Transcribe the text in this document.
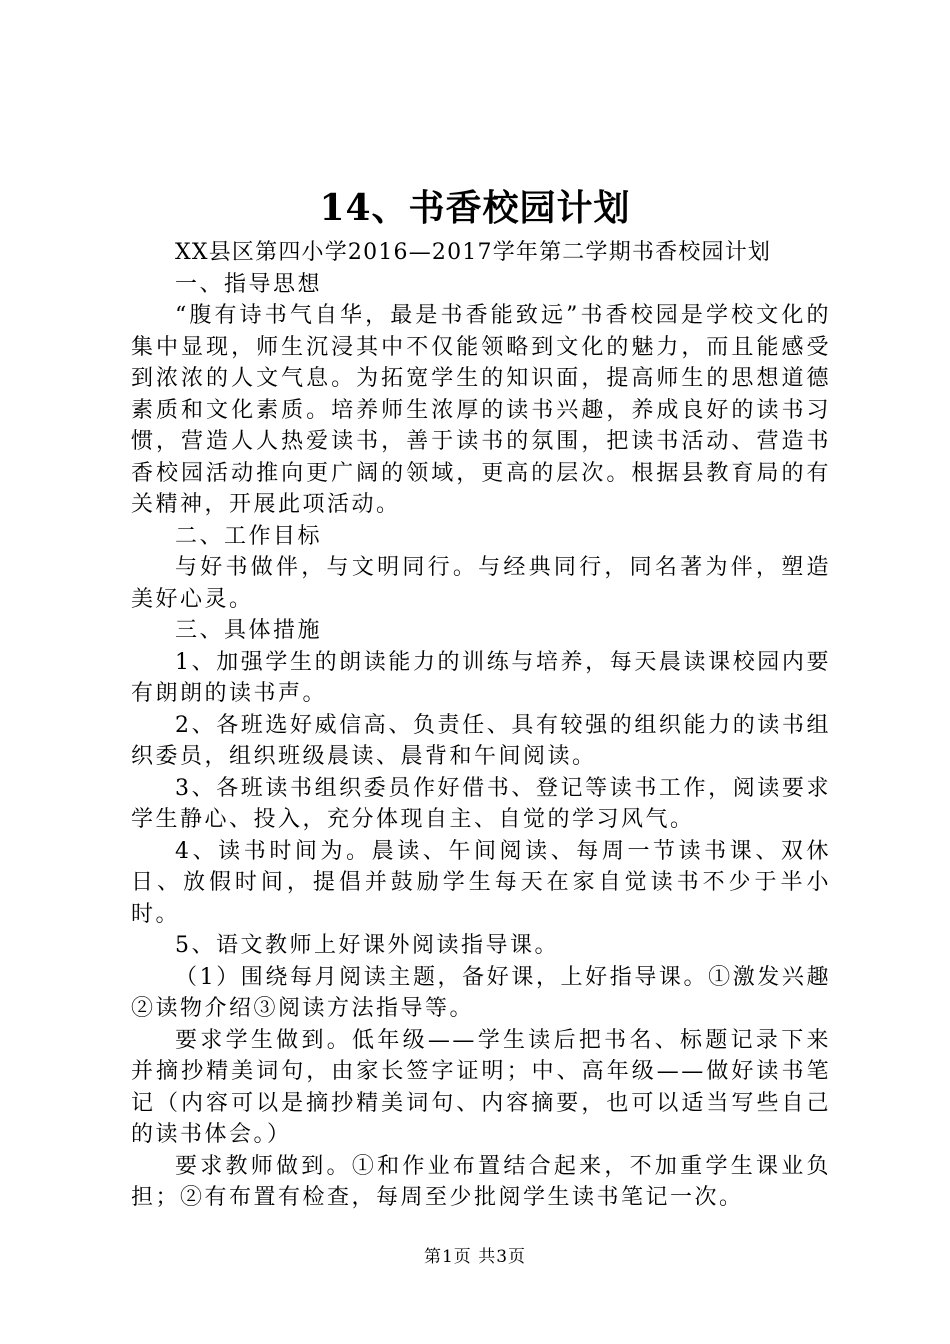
14、书香校园计划

XX县区第四小学2016—2017学年第二学期书香校园计划

一、指导思想

“腹有诗书气自华，最是书香能致远”书香校园是学校文化的集中显现，师生沉浸其中不仅能领略到文化的魅力，而且能感受到浓浓的人文气息。为拓宽学生的知识面，提高师生的思想道德素质和文化素质。培养师生浓厚的读书兴趣，养成良好的读书习惯，营造人人热爱读书，善于读书的氛围，把读书活动、营造书香校园活动推向更广阔的领域，更高的层次。根据县教育局的有关精神，开展此项活动。

二、工作目标

与好书做伴，与文明同行。与经典同行，同名著为伴，塑造美好心灵。

三、具体措施

1、加强学生的朗读能力的训练与培养，每天晨读课校园内要有朗朗的读书声。

2、各班选好威信高、负责任、具有较强的组织能力的读书组织委员，组织班级晨读、晨背和午间阅读。

3、各班读书组织委员作好借书、登记等读书工作，阅读要求学生静心、投入，充分体现自主、自觉的学习风气。

4、读书时间为。晨读、午间阅读、每周一节读书课、双休日、放假时间，提倡并鼓励学生每天在家自觉读书不少于半小时。

5、语文教师上好课外阅读指导课。

（1）围绕每月阅读主题，备好课，上好指导课。①激发兴趣②读物介绍③阅读方法指导等。

要求学生做到。低年级——学生读后把书名、标题记录下来并摘抄精美词句，由家长签字证明；中、高年级——做好读书笔记（内容可以是摘抄精美词句、内容摘要，也可以适当写些自己的读书体会。）

要求教师做到。①和作业布置结合起来，不加重学生课业负担；②有布置有检查，每周至少批阅学生读书笔记一次。

第1页 共3页
